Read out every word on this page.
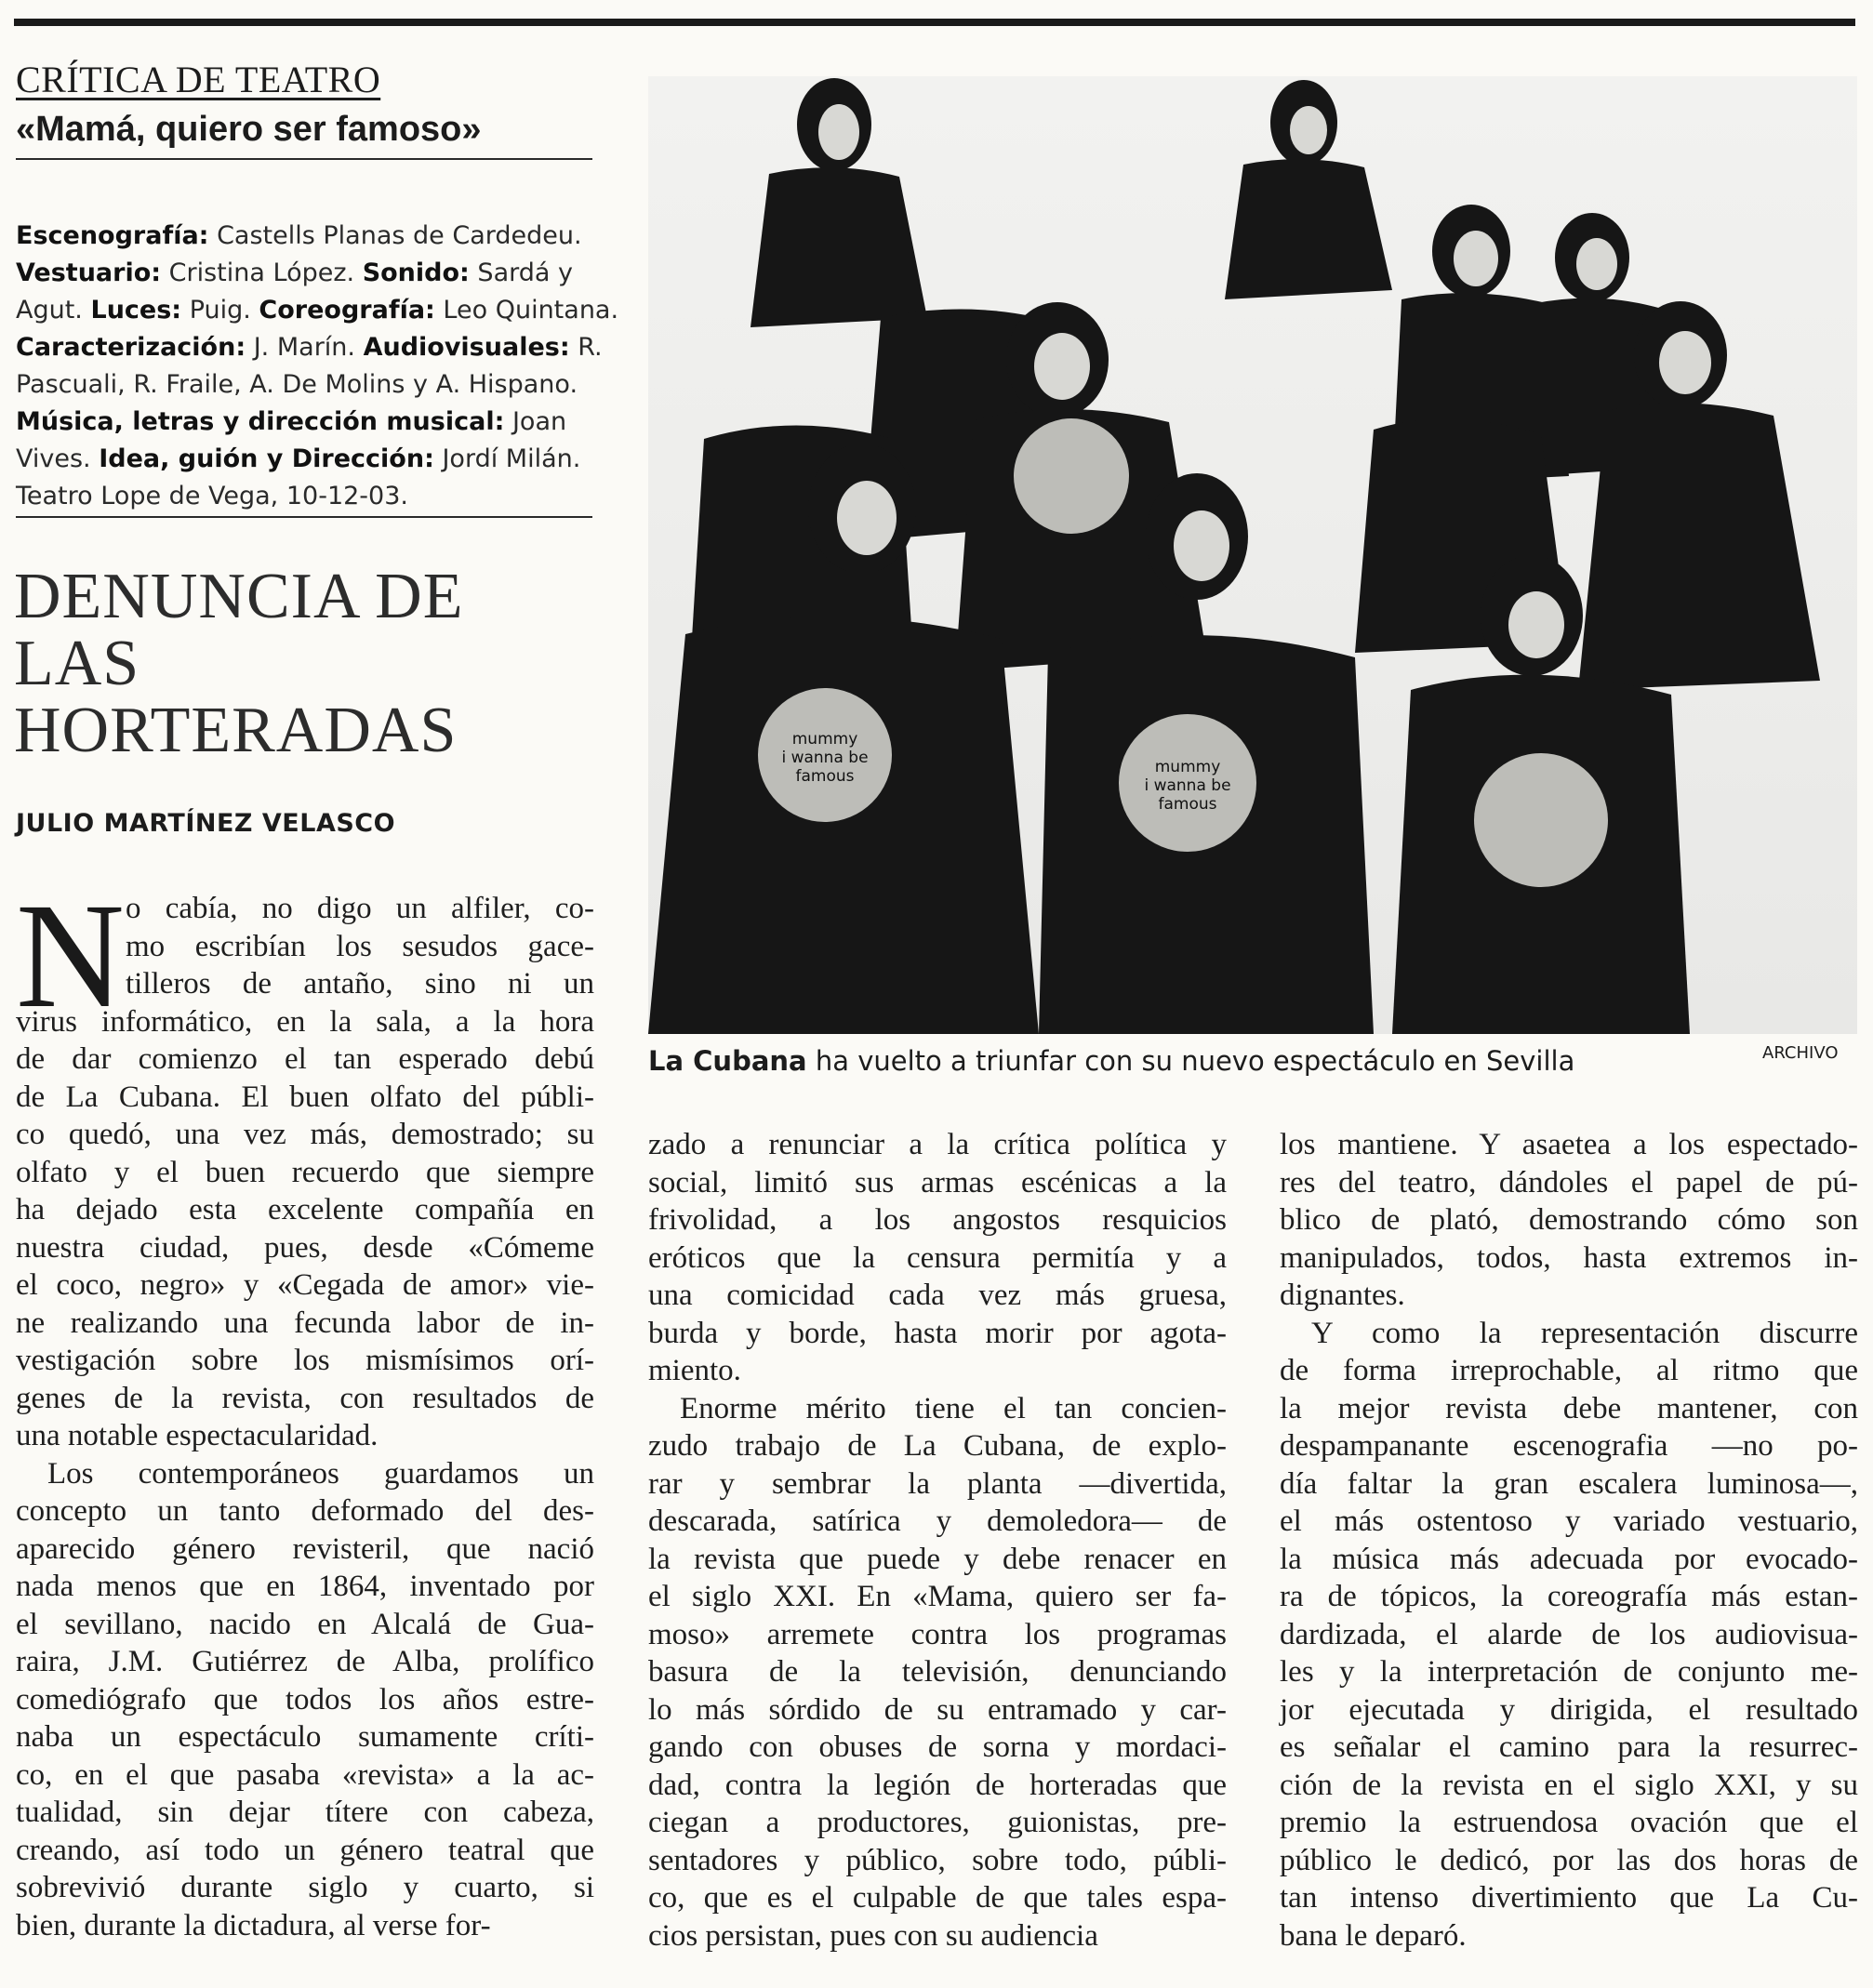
CRÍTICA DE TEATRO
«Mamá, quiero ser famoso»
Escenografía: Castells Planas de Cardedeu.
Vestuario: Cristina López. Sonido: Sardá y
Agut. Luces: Puig. Coreografía: Leo Quintana.
Caracterización: J. Marín. Audiovisuales: R.
Pascuali, R. Fraile, A. De Molins y A. Hispano.
Música, letras y dirección musical: Joan
Vives. Idea, guión y Dirección: Jordí Milán.
Teatro Lope de Vega, 10-12-03.
DENUNCIA DE
LAS
HORTERADAS
JULIO MARTÍNEZ VELASCO
N o cabía, no digo un alfiler, co-
mo escribían los sesudos gace-
tilleros de antaño, sino ni un
virus informático, en la sala, a la hora
de dar comienzo el tan esperado debú
de La Cubana. El buen olfato del públi-
co quedó, una vez más, demostrado; su
olfato y el buen recuerdo que siempre
ha dejado esta excelente compañía en
nuestra ciudad, pues, desde «Cómeme
el coco, negro» y «Cegada de amor» vie-
ne realizando una fecunda labor de in-
vestigación sobre los mismísimos orí-
genes de la revista, con resultados de
una notable espectacularidad.
Los contemporáneos guardamos un
concepto un tanto deformado del des-
aparecido género revisteril, que nació
nada menos que en 1864, inventado por
el sevillano, nacido en Alcalá de Gua-
raira, J.M. Gutiérrez de Alba, prolífico
comediógrafo que todos los años estre-
naba un espectáculo sumamente críti-
co, en el que pasaba «revista» a la ac-
tualidad, sin dejar títere con cabeza,
creando, así todo un género teatral que
sobrevivió durante siglo y cuarto, si
bien, durante la dictadura, al verse for-
mummy
i wanna be
famous	mummy
i wanna be
famous
La Cubana ha vuelto a triunfar con su nuevo espectáculo en Sevilla	ARCHIVO
zado a renunciar a la crítica política y
social, limitó sus armas escénicas a la
frivolidad, a los angostos resquicios
eróticos que la censura permitía y a
una comicidad cada vez más gruesa,
burda y borde, hasta morir por agota-
miento.
Enorme mérito tiene el tan concien-
zudo trabajo de La Cubana, de explo-
rar y sembrar la planta —divertida,
descarada, satírica y demoledora— de
la revista que puede y debe renacer en
el siglo XXI. En «Mama, quiero ser fa-
moso» arremete contra los programas
basura de la televisión, denunciando
lo más sórdido de su entramado y car-
gando con obuses de sorna y mordaci-
dad, contra la legión de horteradas que
ciegan a productores, guionistas, pre-
sentadores y público, sobre todo, públi-
co, que es el culpable de que tales espa-
cios persistan, pues con su audiencia
los mantiene. Y asaetea a los espectado-
res del teatro, dándoles el papel de pú-
blico de plató, demostrando cómo son
manipulados, todos, hasta extremos in-
dignantes.
Y como la representación discurre
de forma irreprochable, al ritmo que
la mejor revista debe mantener, con
despampanante escenografia —no po-
día faltar la gran escalera luminosa—,
el más ostentoso y variado vestuario,
la música más adecuada por evocado-
ra de tópicos, la coreografía más estan-
dardizada, el alarde de los audiovisua-
les y la interpretación de conjunto me-
jor ejecutada y dirigida, el resultado
es señalar el camino para la resurrec-
ción de la revista en el siglo XXI, y su
premio la estruendosa ovación que el
público le dedicó, por las dos horas de
tan intenso divertimiento que La Cu-
bana le deparó.
